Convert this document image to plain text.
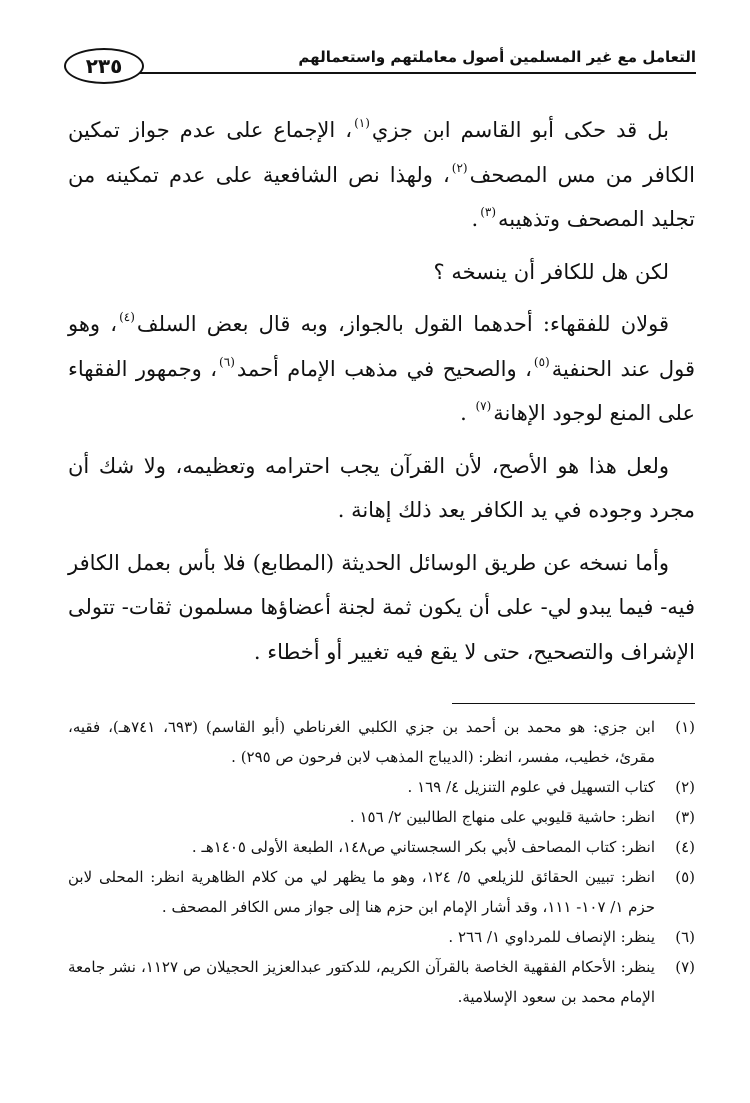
التعامل مع غير المسلمين أصول معاملتهم واستعمالهم
٢٣٥

بل قد حكى أبو القاسم ابن جزي$^{(١)}$، الإجماع على عدم جواز تمكين الكافر من مس المصحف$^{(٢)}$، ولهذا نص الشافعية على عدم تمكينه من تجليد المصحف وتذهيبه$^{(٣)}$.

لكن هل للكافر أن ينسخه ؟

قولان للفقهاء: أحدهما القول بالجواز، وبه قال بعض السلف$^{(٤)}$، وهو قول عند الحنفية$^{(٥)}$، والصحيح في مذهب الإمام أحمد$^{(٦)}$، وجمهور الفقهاء على المنع لوجود الإهانة$^{(٧)}$ .

ولعل هذا هو الأصح، لأن القرآن يجب احترامه وتعظيمه، ولا شك أن مجرد وجوده في يد الكافر يعد ذلك إهانة .

وأما نسخه عن طريق الوسائل الحديثة (المطابع) فلا بأس بعمل الكافر فيه- فيما يبدو لي- على أن يكون ثمة لجنة أعضاؤها مسلمون ثقات- تتولى الإشراف والتصحيح، حتى لا يقع فيه تغيير أو أخطاء .

(١)
ابن جزي: هو محمد بن أحمد بن جزي الكلبي الغرناطي (أبو القاسم) (٦٩٣، ٧٤١هـ)، فقيه، مقرئ، خطيب، مفسر، انظر: (الديباج المذهب لابن فرحون ص ٢٩٥) .
(٢)
كتاب التسهيل في علوم التنزيل ٤/ ١٦٩ .
(٣)
انظر: حاشية قليوبي على منهاج الطالبين ٢/ ١٥٦ .
(٤)
انظر: كتاب المصاحف لأبي بكر السجستاني ص١٤٨، الطبعة الأولى ١٤٠٥هـ .
(٥)
انظر: تبيين الحقائق للزيلعي ٥/ ١٢٤، وهو ما يظهر لي من كلام الظاهرية انظر: المحلى لابن حزم ١/ ١٠٧- ١١١، وقد أشار الإمام ابن حزم هنا إلى جواز مس الكافر المصحف .
(٦)
ينظر: الإنصاف للمرداوي ١/ ٢٦٦ .
(٧)
ينظر: الأحكام الفقهية الخاصة بالقرآن الكريم، للدكتور عبدالعزيز الحجيلان ص ١١٢٧، نشر جامعة الإمام محمد بن سعود الإسلامية.
